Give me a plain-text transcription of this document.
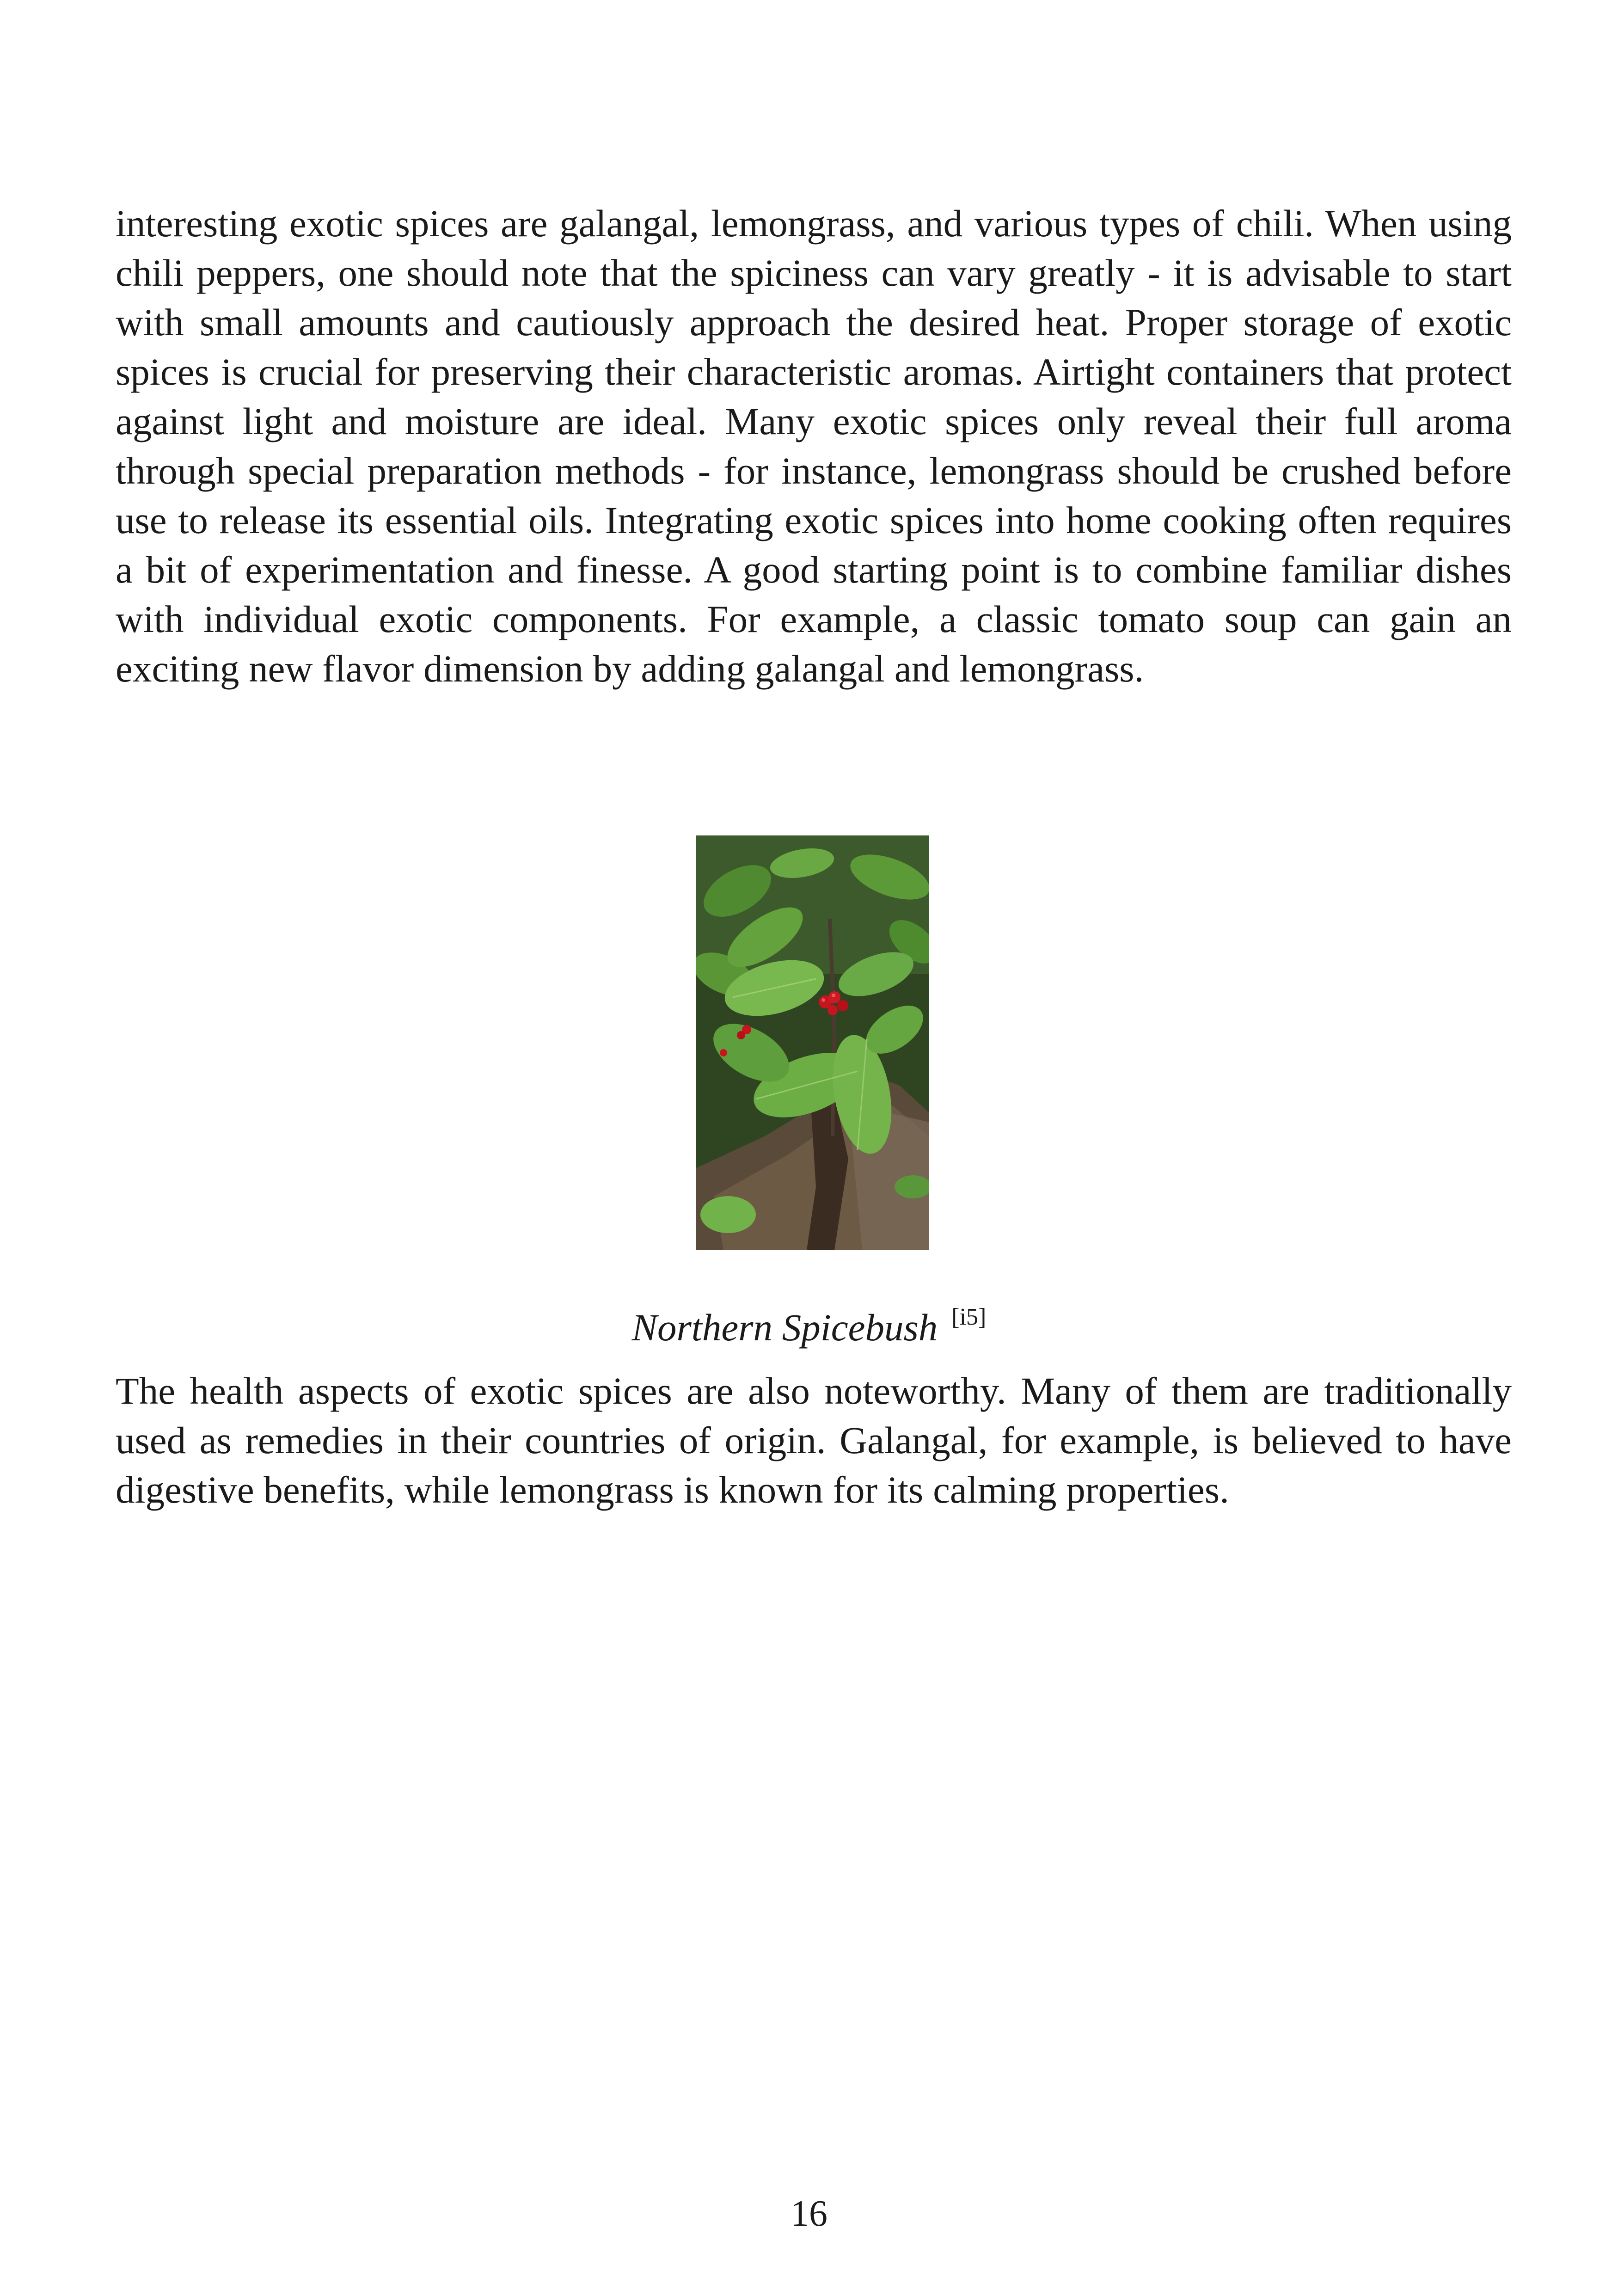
interesting exotic spices are galangal, lemongrass, and various types of chili. When using chili peppers, one should note that the spiciness can vary greatly - it is advisable to start with small amounts and cautiously approach the desired heat. Proper storage of exotic spices is crucial for preserving their characteristic aromas. Airtight containers that protect against light and moisture are ideal. Many exotic spices only reveal their full aroma through special preparation methods - for instance, lemongrass should be crushed before use to release its essential oils. Integrating exotic spices into home cooking often requires a bit of experimentation and finesse. A good starting point is to combine familiar dishes with individual exotic components. For example, a classic tomato soup can gain an exciting new flavor dimension by adding galangal and lemongrass.

Northern Spicebush [i5]

The health aspects of exotic spices are also noteworthy. Many of them are traditionally used as remedies in their countries of origin. Galangal, for example, is believed to have digestive benefits, while lemongrass is known for its calming properties.

16
